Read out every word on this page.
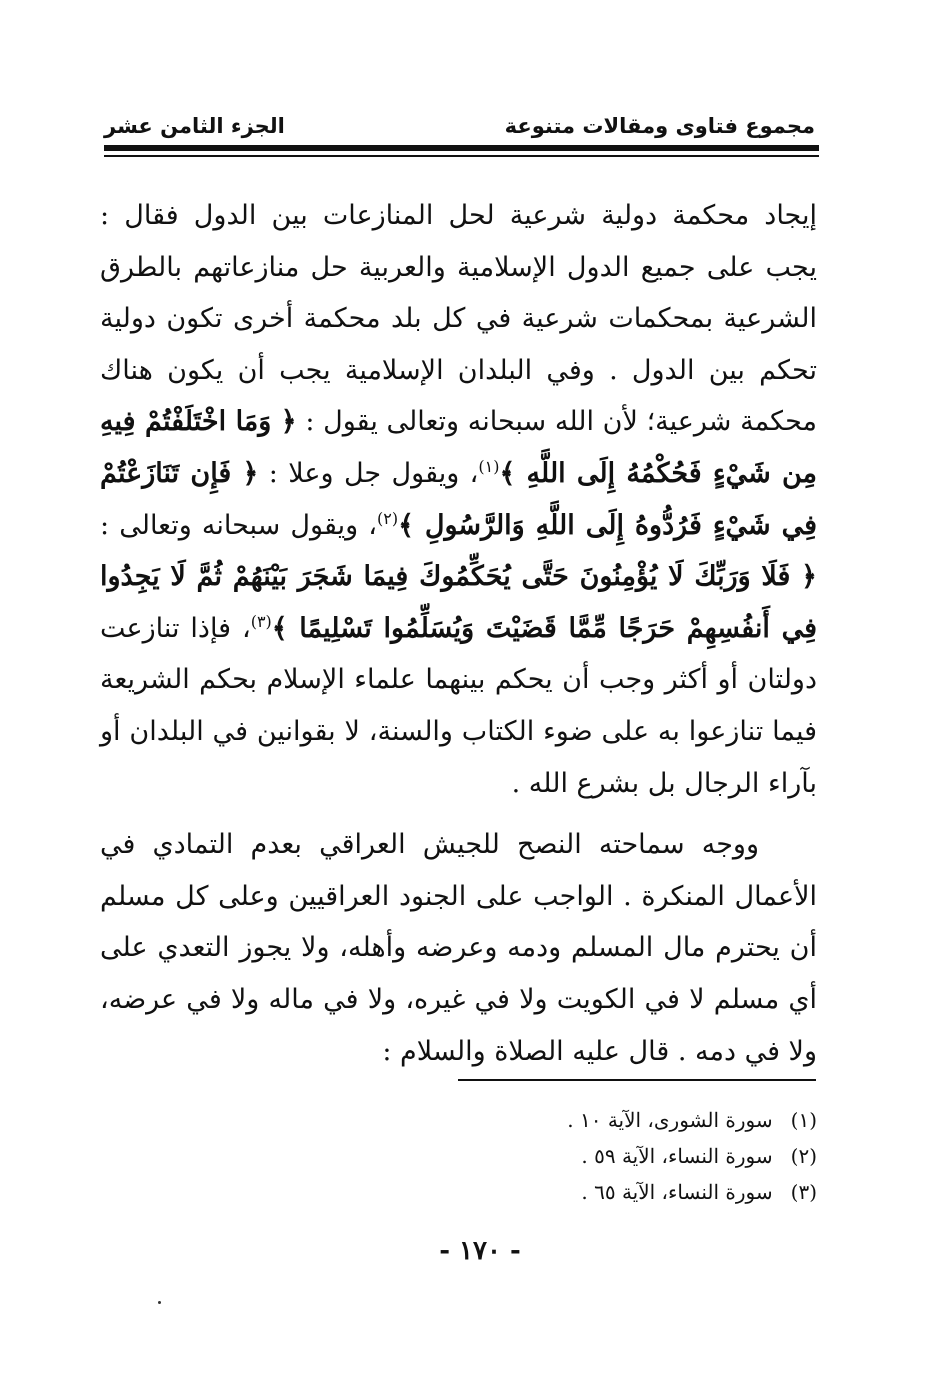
مجموع فتاوى ومقالات متنوعة
الجزء الثامن عشر

إيجاد محكمة دولية شرعية لحل المنازعات بين الدول فقال : يجب على جميع الدول الإسلامية والعربية حل منازعاتهم بالطرق الشرعية بمحكمات شرعية في كل بلد محكمة أخرى تكون دولية تحكم بين الدول . وفي البلدان الإسلامية يجب أن يكون هناك محكمة شرعية؛ لأن الله سبحانه وتعالى يقول : ﴿ وَمَا اخْتَلَفْتُمْ فِيهِ مِن شَيْءٍ فَحُكْمُهُ إِلَى اللَّهِ ﴾$^{(١)}$، ويقول جل وعلا : ﴿ فَإِن تَنَازَعْتُمْ فِي شَيْءٍ فَرُدُّوهُ إِلَى اللَّهِ وَالرَّسُولِ ﴾$^{(٢)}$، ويقول سبحانه وتعالى : ﴿ فَلَا وَرَبِّكَ لَا يُؤْمِنُونَ حَتَّى يُحَكِّمُوكَ فِيمَا شَجَرَ بَيْنَهُمْ ثُمَّ لَا يَجِدُوا فِي أَنفُسِهِمْ حَرَجًا مِّمَّا قَضَيْتَ وَيُسَلِّمُوا تَسْلِيمًا ﴾$^{(٣)}$، فإذا تنازعت دولتان أو أكثر وجب أن يحكم بينهما علماء الإسلام بحكم الشريعة فيما تنازعوا به على ضوء الكتاب والسنة، لا بقوانين في البلدان أو بآراء الرجال بل بشرع الله .

ووجه سماحته النصح للجيش العراقي بعدم التمادي في الأعمال المنكرة . الواجب على الجنود العراقيين وعلى كل مسلم أن يحترم مال المسلم ودمه وعرضه وأهله، ولا يجوز التعدي على أي مسلم لا في الكويت ولا في غيره، ولا في ماله ولا في عرضه، ولا في دمه . قال عليه الصلاة والسلام :

(١)
سورة الشورى، الآية ١٠ .
(٢)
سورة النساء، الآية ٥٩ .
(٣)
سورة النساء، الآية ٦٥ .
- ١٧٠ -
